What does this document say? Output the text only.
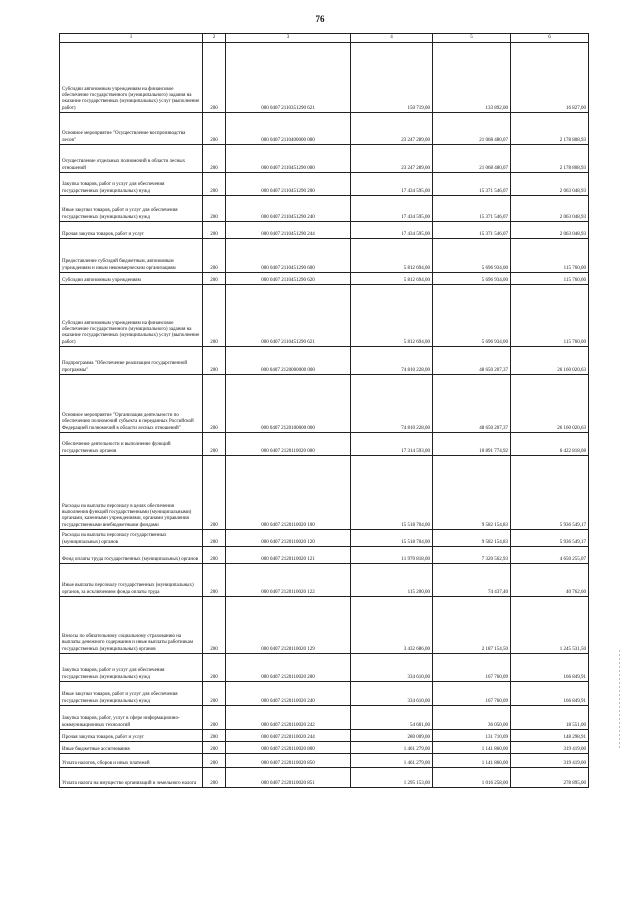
76
1	2	3	4	5	6
Субсидии автономным учреждениям на финансовое обеспечение государственного (муниципального) задания на оказание государственных (муниципальных) услуг (выполнение работ)	200	000 0407 2110351290 621	150 719,00	133 892,00	16 827,00
Основное мероприятие "Осуществление воспроизводства лесов"	200	000 0407 2110400000 000	23 247 289,00	21 068 480,07	2 178 808,93
Осуществление отдельных полномочий в области лесных отношений	200	000 0407 2110451290 000	23 247 289,00	21 068 480,07	2 178 808,93
Закупка товаров, работ и услуг для обеспечения государственных (муниципальных) нужд	200	000 0407 2110451290 200	17 434 595,00	15 371 546,07	2 063 048,93
Иные закупки товаров, работ и услуг для обеспечения государственных (муниципальных) нужд	200	000 0407 2110451290 240	17 434 595,00	15 371 546,07	2 063 048,93
Прочая закупка товаров, работ и услуг	200	000 0407 2110451290 244	17 434 595,00	15 371 546,07	2 063 048,93
Предоставление субсидий бюджетным, автономным учреждениям и иным некоммерческим организациям	200	000 0407 2110451290 600	5 812 694,00	5 696 934,00	115 760,00
Субсидии автономным учреждениям	200	000 0407 2110451290 620	5 812 694,00	5 696 934,00	115 760,00
Субсидии автономным учреждениям на финансовое обеспечение государственного (муниципального) задания на оказание государственных (муниципальных) услуг (выполнение работ)	200	000 0407 2110451290 621	5 812 694,00	5 696 934,00	115 760,00
Подпрограмма "Обеспечение реализации государственной программы"	200	000 0407 2120000000 000	74 810 228,00	48 650 207,37	26 160 020,63
Основное мероприятие "Организация деятельности по обеспечению полномочий субъекта в переданных Российской Федерацией полномочий в области лесных отношений"	200	000 0407 2120100000 000	74 810 228,00	48 650 207,37	26 160 020,63
Обеспечение деятельности и выполнение функций государственных органов	200	000 0407 2120110020 000	17 314 593,00	10 891 774,92	6 422 818,08
Расходы на выплаты персоналу в целях обеспечения выполнения функций государственными (муниципальными) органами, казенными учреждениями, органами управления государственными внебюджетными фондами	200	000 0407 2120110020 100	15 518 704,00	9 582 154,83	5 936 549,17
Расходы на выплаты персоналу государственных (муниципальных) органов	200	000 0407 2120110020 120	15 518 704,00	9 582 154,83	5 936 549,17
Фонд оплаты труда государственных (муниципальных) органов	200	000 0407 2120110020 121	11 970 818,00	7 320 562,93	4 650 255,07
Иные выплаты персоналу государственных (муниципальных) органов, за исключением фонда оплаты труда	200	000 0407 2120110020 122	115 200,00	74 437,40	40 762,60
Взносы по обязательному социальному страхованию на выплаты денежного содержания и иные выплаты работникам государственных (муниципальных) органов	200	000 0407 2120110020 129	3 432 686,00	2 187 154,50	1 245 531,50
Закупка товаров, работ и услуг для обеспечения государственных (муниципальных) нужд	200	000 0407 2120110020 200	334 610,00	167 760,09	166 849,91
Иные закупки товаров, работ и услуг для обеспечения государственных (муниципальных) нужд	200	000 0407 2120110020 240	334 610,00	167 760,09	166 849,91
Закупка товаров, работ, услуг в сфере информационно-коммуникационных технологий	200	000 0407 2120110020 242	54 601,00	36 050,00	18 551,00
Прочая закупка товаров, работ и услуг	200	000 0407 2120110020 244	280 009,00	131 710,09	148 298,91
Иные бюджетные ассигнования	200	000 0407 2120110020 800	1 461 279,00	1 141 860,00	319 419,00
Уплата налогов, сборов и иных платежей	200	000 0407 2120110020 850	1 461 279,00	1 141 860,00	319 419,00
Уплата налога на имущество организаций и земельного налога	200	000 0407 2120110020 851	1 295 153,00	1 016 258,00	278 895,00
